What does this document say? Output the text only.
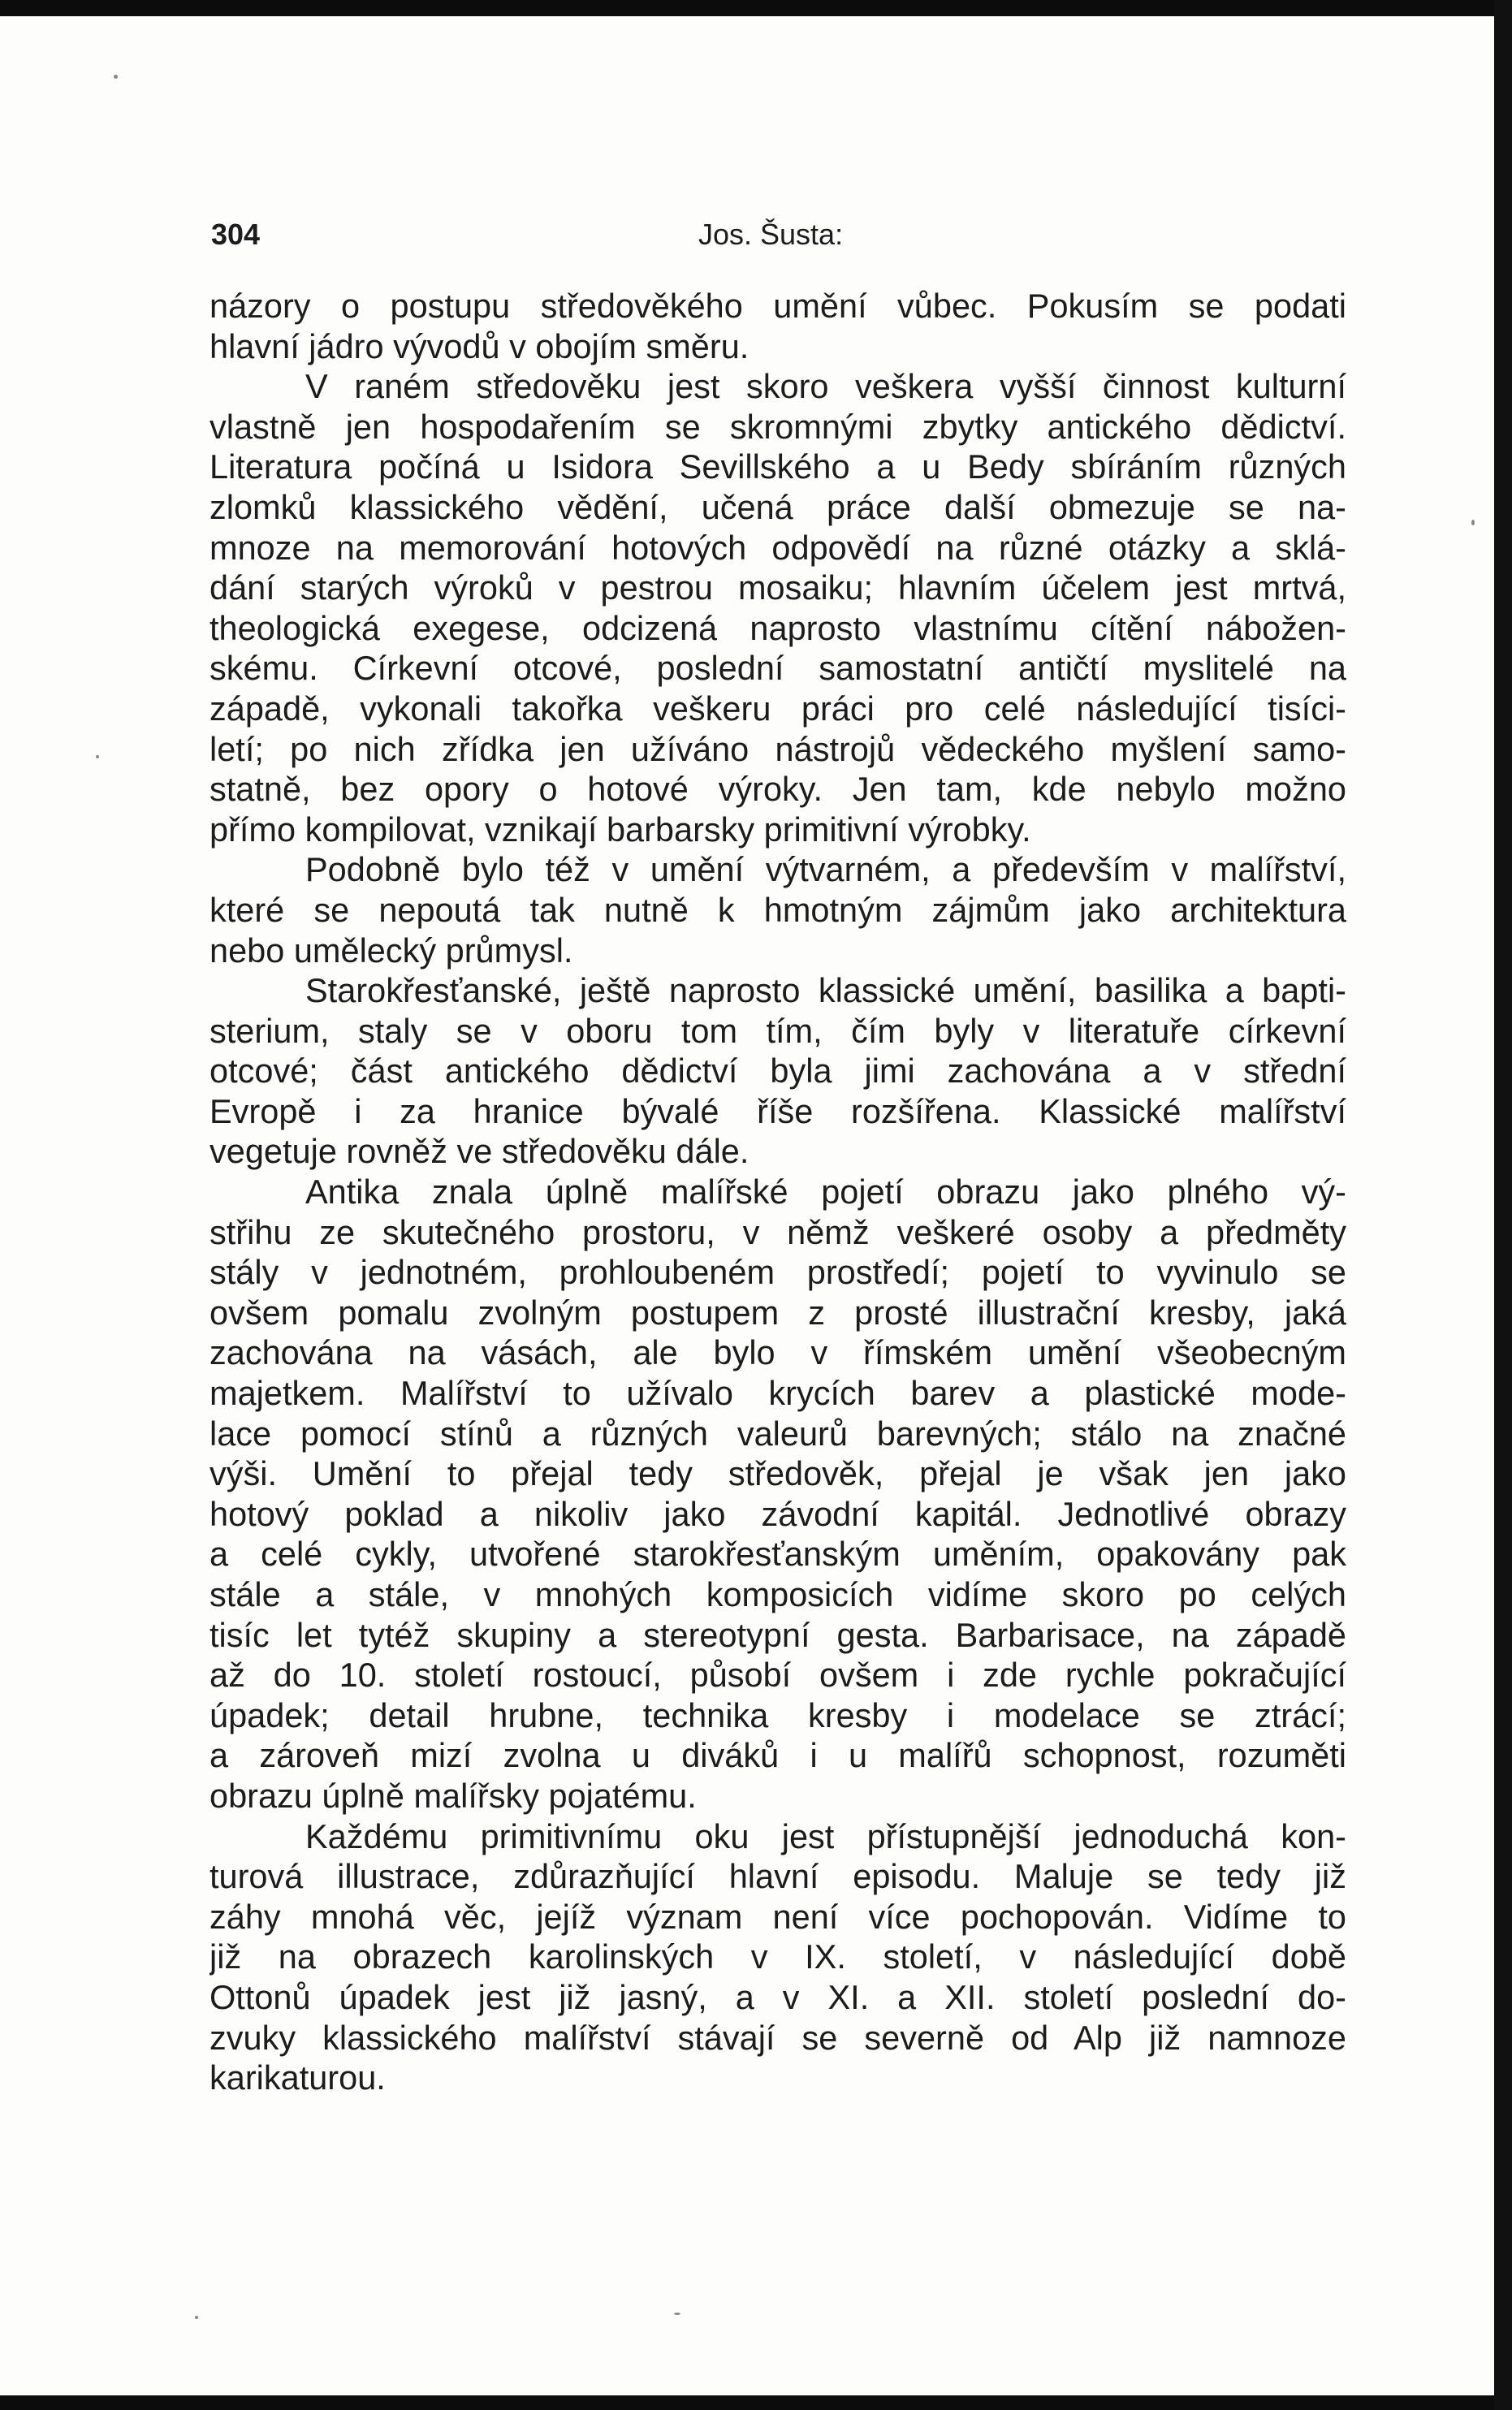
304	Jos. Šusta:

názory o postupu středověkého umění vůbec. Pokusím se podati
hlavní jádro vývodů v obojím směru.

V raném středověku jest skoro veškera vyšší činnost kulturní
vlastně jen hospodařením se skromnými zbytky antického dědictví.
Literatura počíná u Isidora Sevillského a u Bedy sbíráním různých
zlomků klassického vědění, učená práce další obmezuje se na-
mnoze na memorování hotových odpovědí na různé otázky a sklá-
dání starých výroků v pestrou mosaiku; hlavním účelem jest mrtvá,
theologická exegese, odcizená naprosto vlastnímu cítění nábožen-
skému. Církevní otcové, poslední samostatní antičtí myslitelé na
západě, vykonali takořka veškeru práci pro celé následující tisíci-
letí; po nich zřídka jen užíváno nástrojů vědeckého myšlení samo-
statně, bez opory o hotové výroky. Jen tam, kde nebylo možno
přímo kompilovat, vznikají barbarsky primitivní výrobky.

Podobně bylo též v umění výtvarném, a především v malířství,
které se nepoutá tak nutně k hmotným zájmům jako architektura
nebo umělecký průmysl.

Starokřesťanské, ještě naprosto klassické umění, basilika a bapti-
sterium, staly se v oboru tom tím, čím byly v literatuře církevní
otcové; část antického dědictví byla jimi zachována a v střední
Evropě i za hranice bývalé říše rozšířena. Klassické malířství
vegetuje rovněž ve středověku dále.

Antika znala úplně malířské pojetí obrazu jako plného vý-
střihu ze skutečného prostoru, v němž veškeré osoby a předměty
stály v jednotném, prohloubeném prostředí; pojetí to vyvinulo se
ovšem pomalu zvolným postupem z prosté illustrační kresby, jaká
zachována na vásách, ale bylo v římském umění všeobecným
majetkem. Malířství to užívalo krycích barev a plastické mode-
lace pomocí stínů a různých valeurů barevných; stálo na značné
výši. Umění to přejal tedy středověk, přejal je však jen jako
hotový poklad a nikoliv jako závodní kapitál. Jednotlivé obrazy
a celé cykly, utvořené starokřesťanským uměním, opakovány pak
stále a stále, v mnohých komposicích vidíme skoro po celých
tisíc let tytéž skupiny a stereotypní gesta. Barbarisace, na západě
až do 10. století rostoucí, působí ovšem i zde rychle pokračující
úpadek; detail hrubne, technika kresby i modelace se ztrácí;
a zároveň mizí zvolna u diváků i u malířů schopnost, rozuměti
obrazu úplně malířsky pojatému.

Každému primitivnímu oku jest přístupnější jednoduchá kon-
turová illustrace, zdůrazňující hlavní episodu. Maluje se tedy již
záhy mnohá věc, jejíž význam není více pochopován. Vidíme to
již na obrazech karolinských v IX. století, v následující době
Ottonů úpadek jest již jasný, a v XI. a XII. století poslední do-
zvuky klassického malířství stávají se severně od Alp již namnoze
karikaturou.
